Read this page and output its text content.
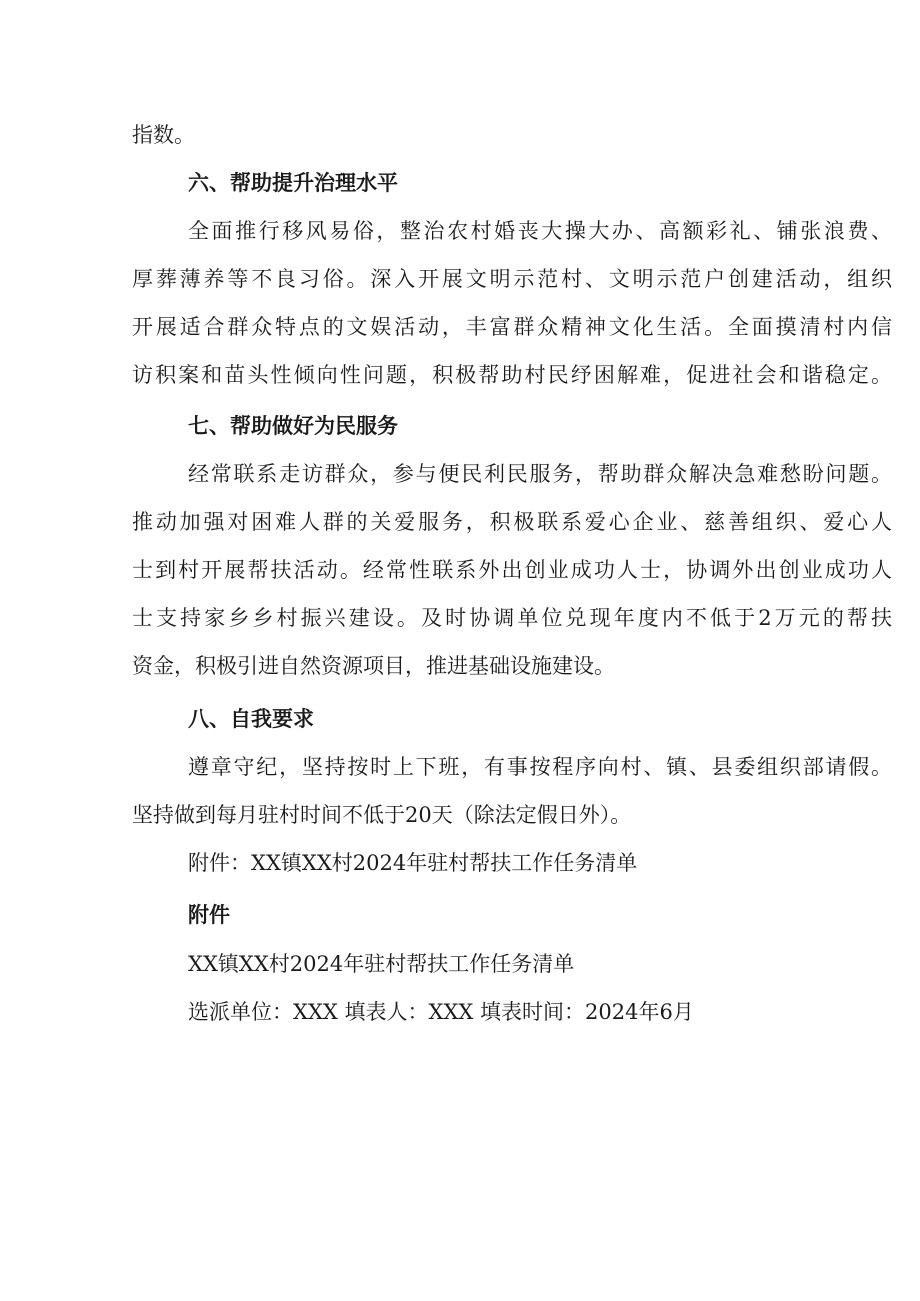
指数。
六、帮助提升治理水平
全面推行移风易俗，整治农村婚丧大操大办、高额彩礼、铺张浪费、
厚葬薄养等不良习俗。深入开展文明示范村、文明示范户创建活动，组织
开展适合群众特点的文娱活动，丰富群众精神文化生活。全面摸清村内信
访积案和苗头性倾向性问题，积极帮助村民纾困解难，促进社会和谐稳定。
七、帮助做好为民服务
经常联系走访群众，参与便民利民服务，帮助群众解决急难愁盼问题。
推动加强对困难人群的关爱服务，积极联系爱心企业、慈善组织、爱心人
士到村开展帮扶活动。经常性联系外出创业成功人士，协调外出创业成功人
士支持家乡乡村振兴建设。及时协调单位兑现年度内不低于2万元的帮扶
资金，积极引进自然资源项目，推进基础设施建设。
八、自我要求
遵章守纪，坚持按时上下班，有事按程序向村、镇、县委组织部请假。
坚持做到每月驻村时间不低于20天（除法定假日外）。
附件：XX镇XX村2024年驻村帮扶工作任务清单
附件
XX镇XX村2024年驻村帮扶工作任务清单
选派单位：XXX 填表人：XXX 填表时间：2024年6月
